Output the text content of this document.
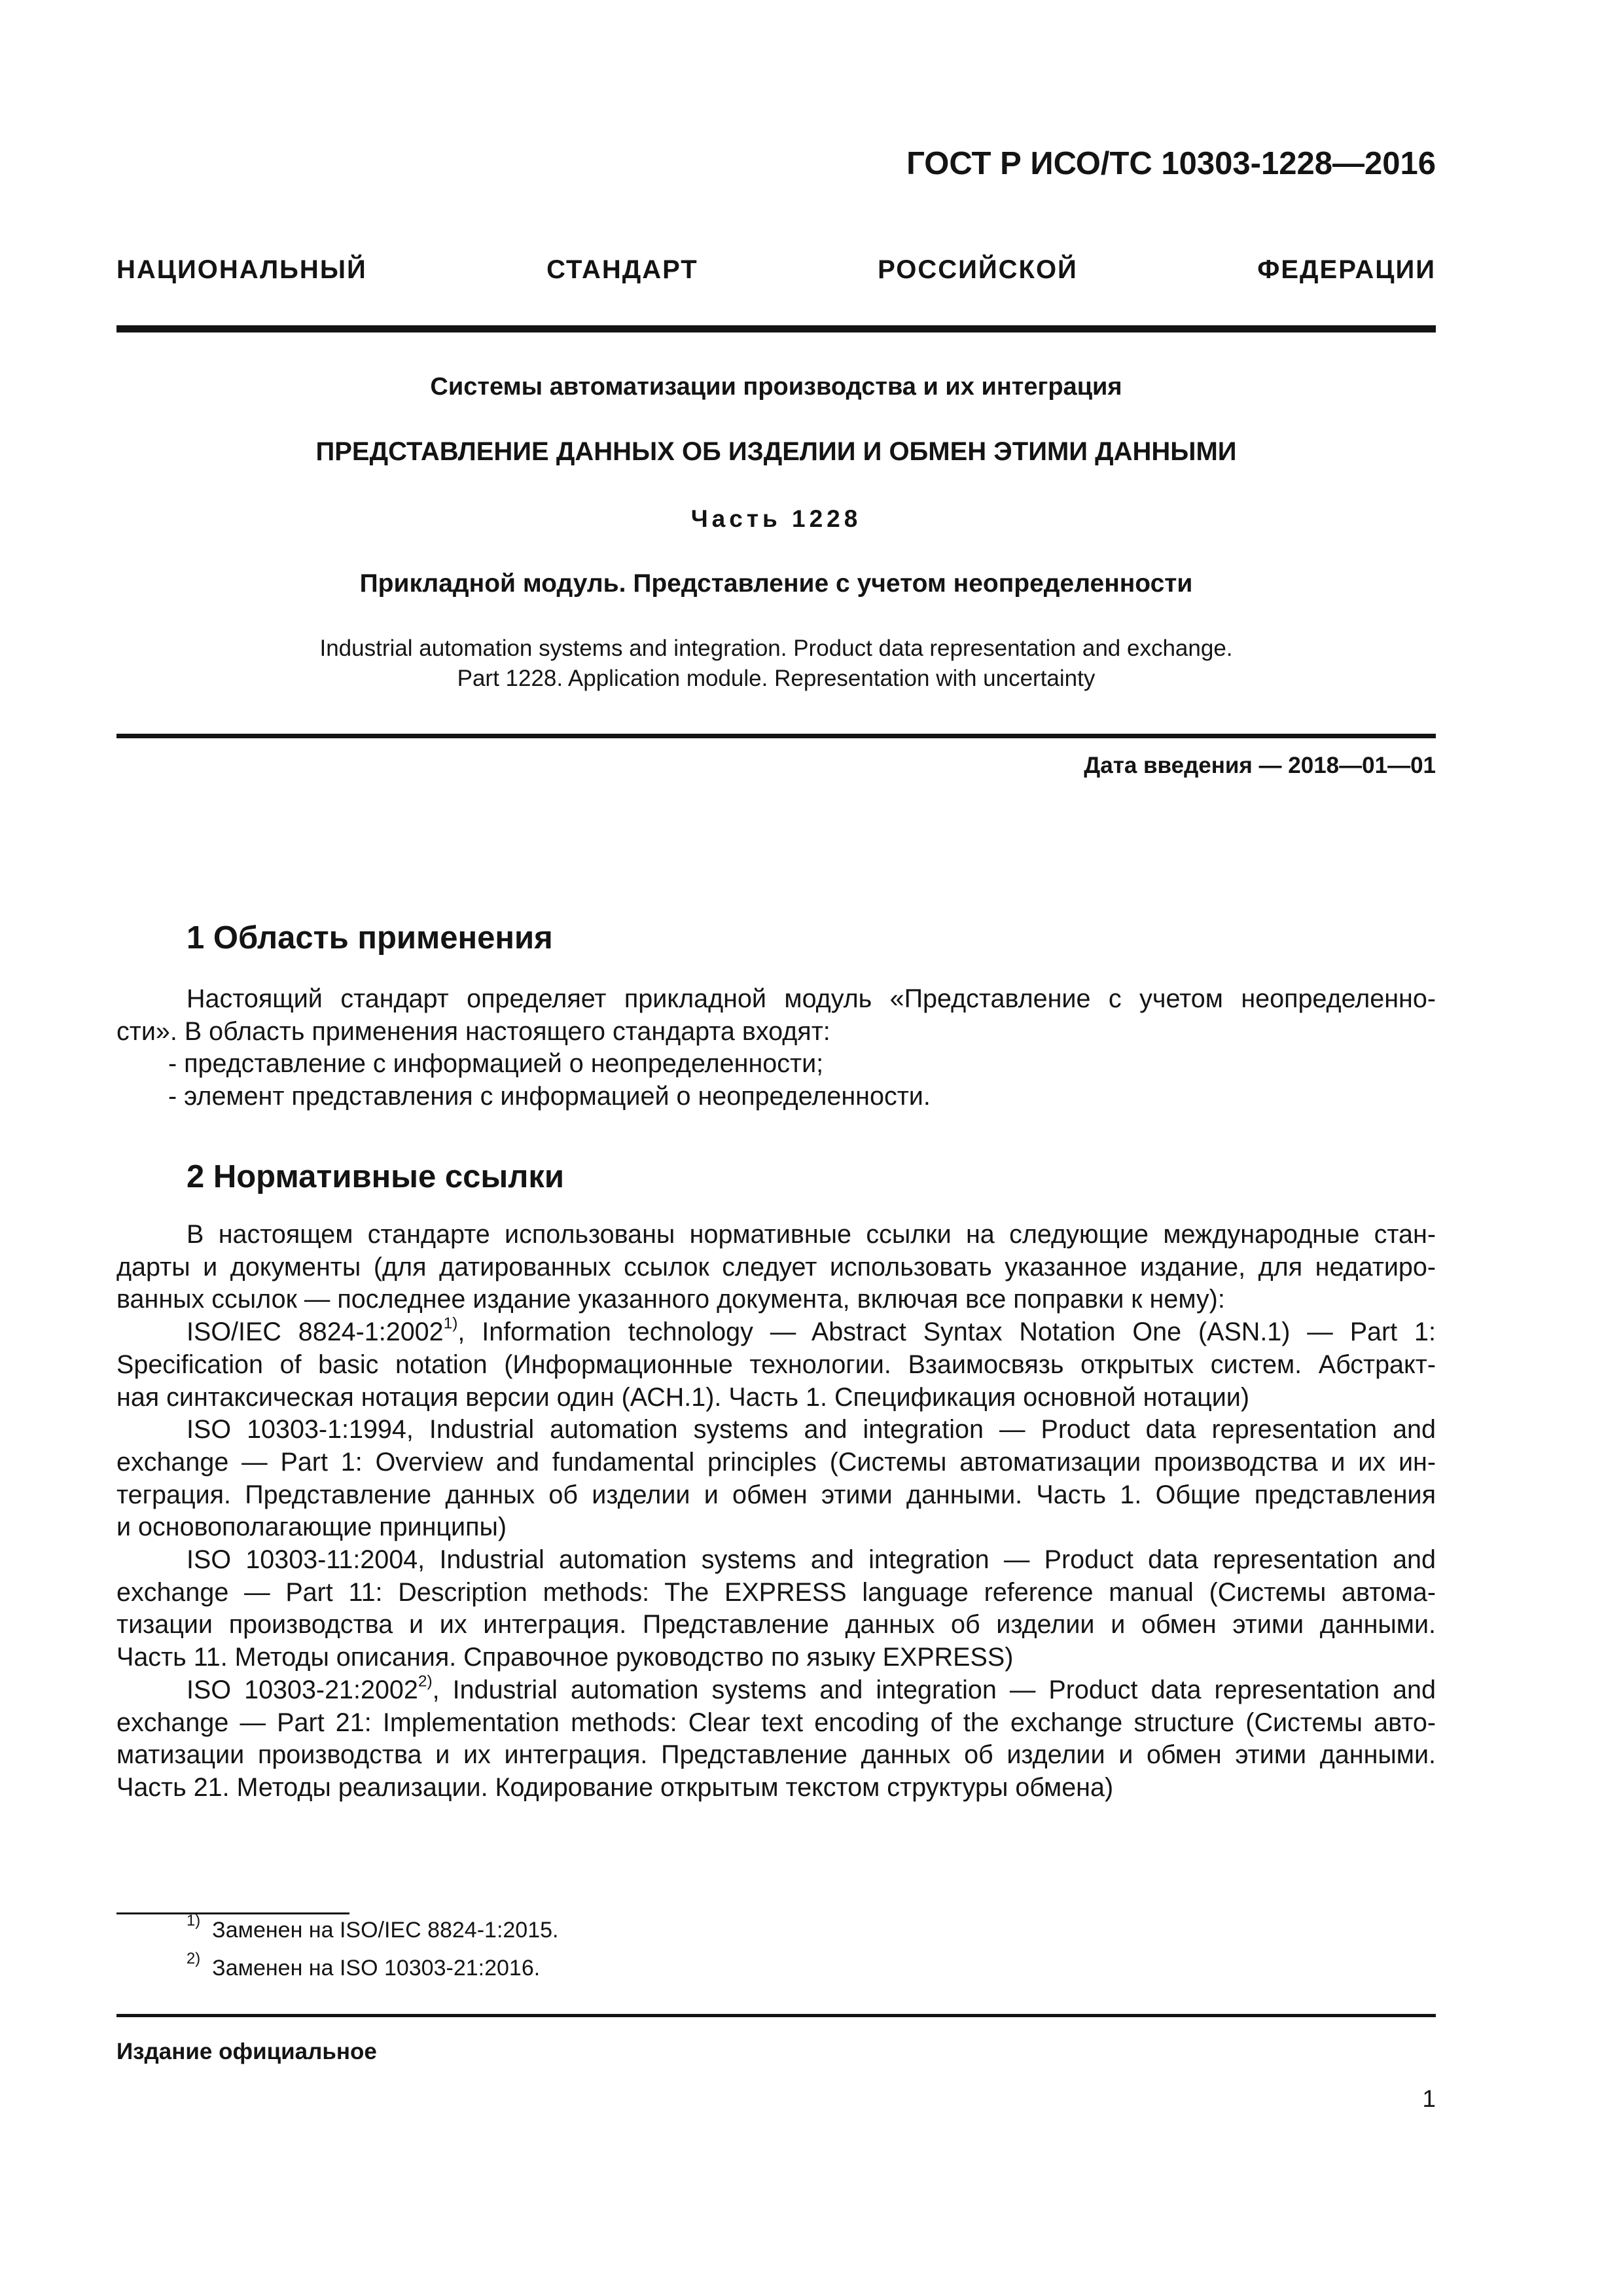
ГОСТ Р ИСО/ТС 10303-1228—2016
НАЦИОНАЛЬНЫЙ СТАНДАРТ РОССИЙСКОЙ ФЕДЕРАЦИИ
Системы автоматизации производства и их интеграция
ПРЕДСТАВЛЕНИЕ ДАННЫХ ОБ ИЗДЕЛИИ И ОБМЕН ЭТИМИ ДАННЫМИ
Часть 1228
Прикладной модуль. Представление с учетом неопределенности
Industrial automation systems and integration. Product data representation and exchange.
Part 1228. Application module. Representation with uncertainty
Дата введения — 2018—01—01
1 Область применения

Настоящий стандарт определяет прикладной модуль «Представление с учетом неопределенно-

сти». В область применения настоящего стандарта входят:

- представление с информацией о неопределенности;

- элемент представления с информацией о неопределенности.

2 Нормативные ссылки

В настоящем стандарте использованы нормативные ссылки на следующие международные стан-

дарты и документы (для датированных ссылок следует использовать указанное издание, для недатиро-

ванных ссылок — последнее издание указанного документа, включая все поправки к нему):

ISO/IEC 8824-1:2002$^{1)}$, Information technology — Abstract Syntax Notation One (ASN.1) — Part 1:

Specification of basic notation (Информационные технологии. Взаимосвязь открытых систем. Абстракт-

ная синтаксическая нотация версии один (АСН.1). Часть 1. Спецификация основной нотации)

ISO 10303-1:1994, Industrial automation systems and integration — Product data representation and

exchange — Part 1: Overview and fundamental principles (Системы автоматизации производства и их ин-

теграция. Представление данных об изделии и обмен этими данными. Часть 1. Общие представления

и основополагающие принципы)

ISO 10303-11:2004, Industrial automation systems and integration — Product data representation and

exchange — Part 11: Description methods: The EXPRESS language reference manual (Системы автома-

тизации производства и их интеграция. Представление данных об изделии и обмен этими данными.

Часть 11. Методы описания. Справочное руководство по языку EXPRESS)

ISO 10303-21:2002$^{2)}$, Industrial automation systems and integration — Product data representation and

exchange — Part 21: Implementation methods: Clear text encoding of the exchange structure (Системы авто-

матизации производства и их интеграция. Представление данных об изделии и обмен этими данными.

Часть 21. Методы реализации. Кодирование открытым текстом структуры обмена)

$^{1)}$ Заменен на ISO/IEC 8824-1:2015.
$^{2)}$ Заменен на ISO 10303-21:2016.
Издание официальное
1
